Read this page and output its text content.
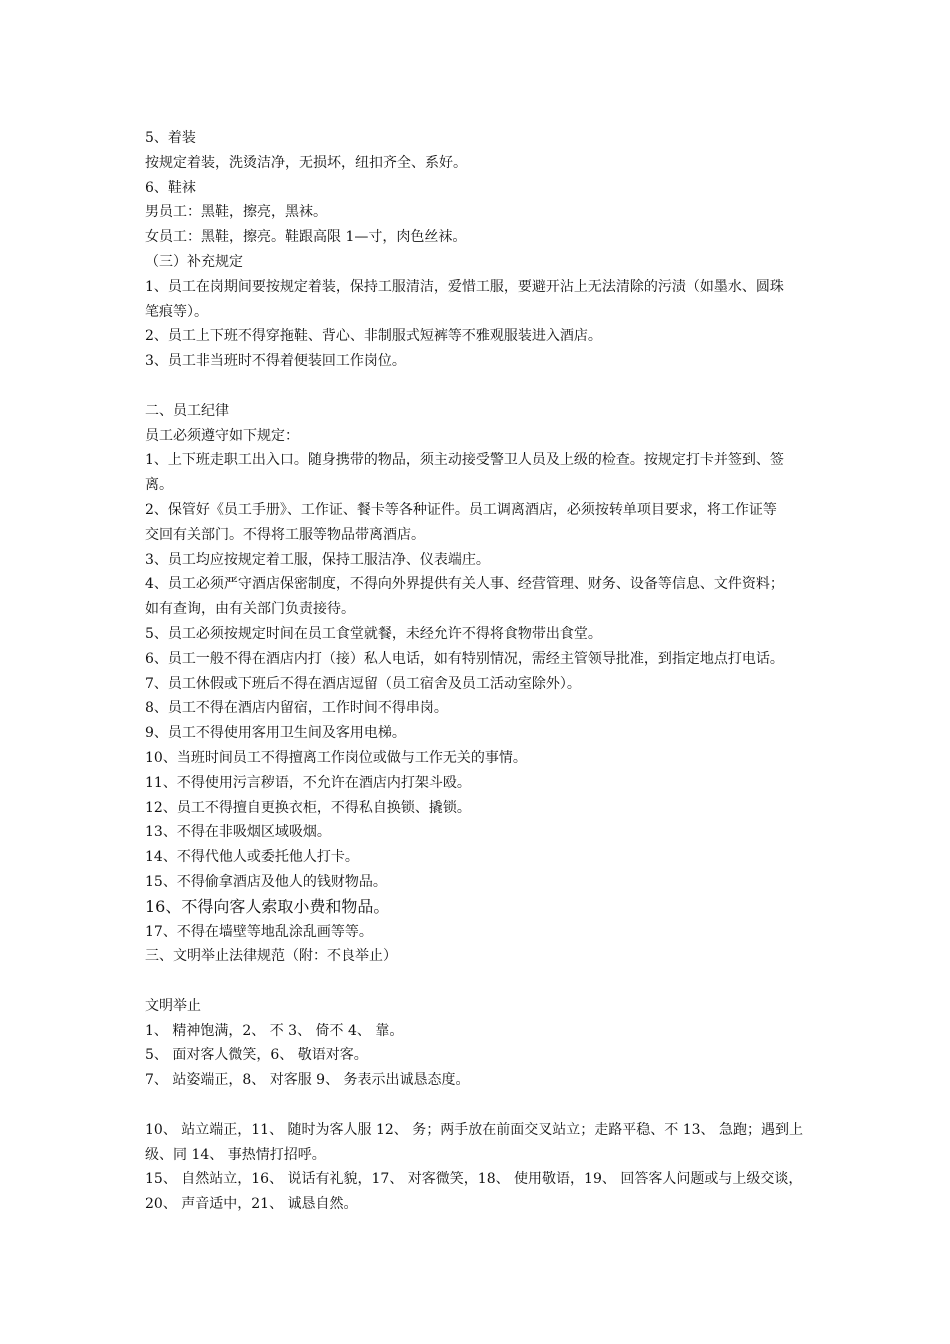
5、着装
按规定着装，洗烫洁净，无损坏，纽扣齐全、系好。
6、鞋袜
男员工：黑鞋，擦亮，黑袜。
女员工：黑鞋，擦亮。鞋跟高限 1—寸，肉色丝袜。
（三）补充规定
1、员工在岗期间要按规定着装，保持工服清洁，爱惜工服，要避开沾上无法清除的污渍（如墨水、圆珠
笔痕等）。
2、员工上下班不得穿拖鞋、背心、非制服式短裤等不雅观服装进入酒店。
3、员工非当班时不得着便装回工作岗位。
二、员工纪律
员工必须遵守如下规定：
1、上下班走职工出入口。随身携带的物品，须主动接受警卫人员及上级的检查。按规定打卡并签到、签
离。
2、保管好《员工手册》、工作证、餐卡等各种证件。员工调离酒店，必须按转单项目要求，将工作证等
交回有关部门。不得将工服等物品带离酒店。
3、员工均应按规定着工服，保持工服洁净、仪表端庄。
4、员工必须严守酒店保密制度，不得向外界提供有关人事、经营管理、财务、设备等信息、文件资料；
如有查询，由有关部门负责接待。
5、员工必须按规定时间在员工食堂就餐，未经允许不得将食物带出食堂。
6、员工一般不得在酒店内打（接）私人电话，如有特别情况，需经主管领导批准，到指定地点打电话。
7、员工休假或下班后不得在酒店逗留（员工宿舍及员工活动室除外）。
8、员工不得在酒店内留宿，工作时间不得串岗。
9、员工不得使用客用卫生间及客用电梯。
10、当班时间员工不得擅离工作岗位或做与工作无关的事情。
11、不得使用污言秽语，不允许在酒店内打架斗殴。
12、员工不得擅自更换衣柜，不得私自换锁、撬锁。
13、不得在非吸烟区域吸烟。
14、不得代他人或委托他人打卡。
15、不得偷拿酒店及他人的钱财物品。
16、不得向客人索取小费和物品。
17、不得在墙壁等地乱涂乱画等等。
三、文明举止法律规范（附：不良举止）
文明举止
1、 精神饱满，2、 不 3、 倚不 4、 靠。
5、 面对客人微笑，6、 敬语对客。
7、 站姿端正，8、 对客服 9、 务表示出诚恳态度。
10、 站立端正，11、 随时为客人服 12、 务；两手放在前面交叉站立；走路平稳、不 13、 急跑；遇到上
级、同 14、 事热情打招呼。
15、 自然站立，16、 说话有礼貌，17、 对客微笑，18、 使用敬语，19、 回答客人问题或与上级交谈，
20、 声音适中，21、 诚恳自然。
